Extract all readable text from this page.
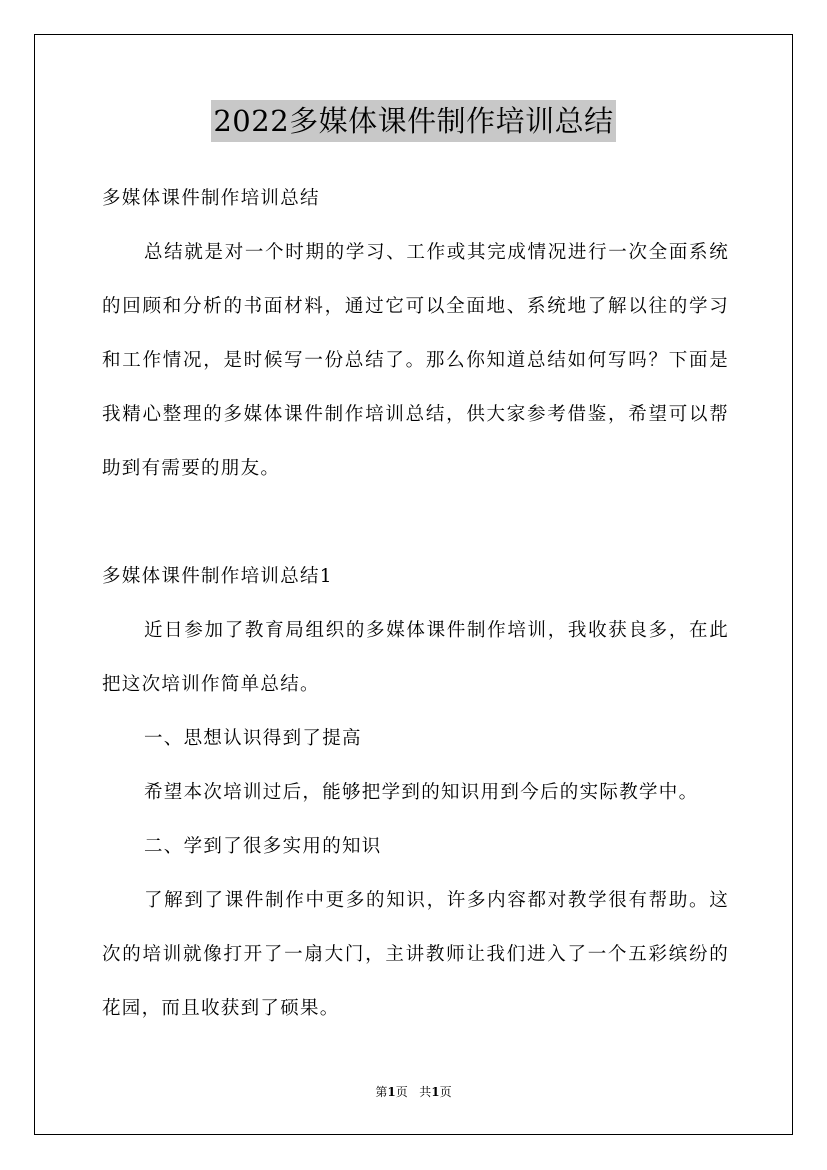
2022多媒体课件制作培训总结

多媒体课件制作培训总结

总结就是对一个时期的学习、工作或其完成情况进行一次全面系统的回顾和分析的书面材料，通过它可以全面地、系统地了解以往的学习和工作情况，是时候写一份总结了。那么你知道总结如何写吗？下面是我精心整理的多媒体课件制作培训总结，供大家参考借鉴，希望可以帮助到有需要的朋友。

多媒体课件制作培训总结1

近日参加了教育局组织的多媒体课件制作培训，我收获良多，在此把这次培训作简单总结。

一、思想认识得到了提高

希望本次培训过后，能够把学到的知识用到今后的实际教学中。

二、学到了很多实用的知识

了解到了课件制作中更多的知识，许多内容都对教学很有帮助。这次的培训就像打开了一扇大门，主讲教师让我们进入了一个五彩缤纷的花园，而且收获到了硕果。

第1页 共1页
